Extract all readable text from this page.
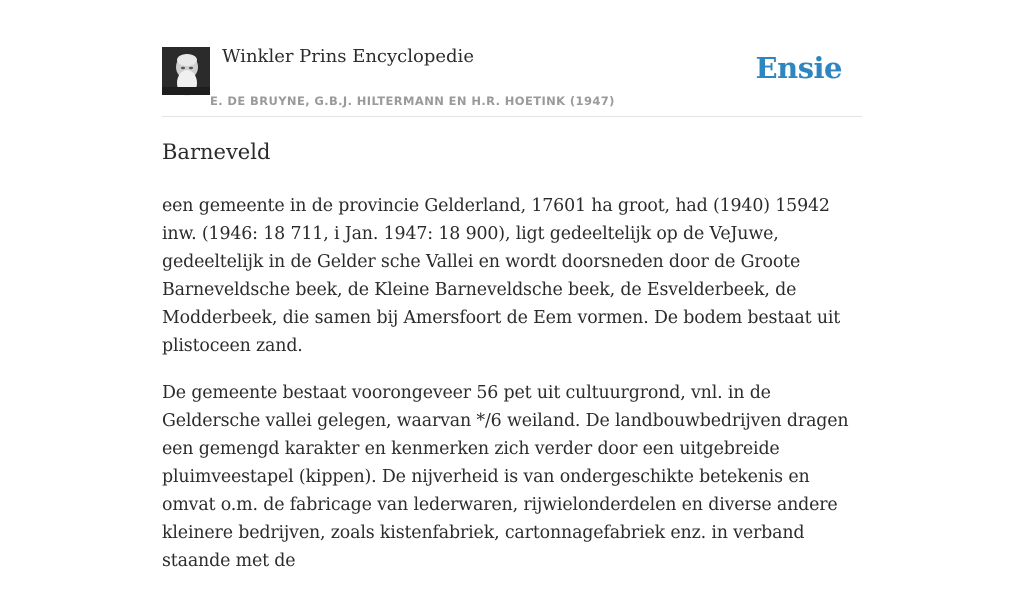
Winkler Prins Encyclopedie
E. DE BRUYNE, G.B.J. HILTERMANN EN H.R. HOETINK (1947)
Ensie
Barneveld

een gemeente in de provincie Gelderland, 17601 ha groot, had (1940) 15942 inw. (1946: 18 711, i Jan. 1947: 18 900), ligt gedeeltelijk op de VeJuwe, gedeeltelijk in de Gelder sche Vallei en wordt doorsneden door de Groote Barneveldsche beek, de Kleine Barneveldsche beek, de Esvelderbeek, de Modderbeek, die samen bij Amersfoort de Eem vormen. De bodem bestaat uit plistoceen zand.

De gemeente bestaat voorongeveer 56 pet uit cultuurgrond, vnl. in de Geldersche vallei gelegen, waarvan */6 weiland. De landbouwbedrijven dragen een gemengd karakter en kenmerken zich verder door een uitgebreide pluimveestapel (kippen). De nijverheid is van ondergeschikte betekenis en omvat o.m. de fabricage van lederwaren, rijwielonderdelen en diverse andere kleinere bedrijven, zoals kistenfabriek, cartonnagefabriek enz. in verband staande met de
